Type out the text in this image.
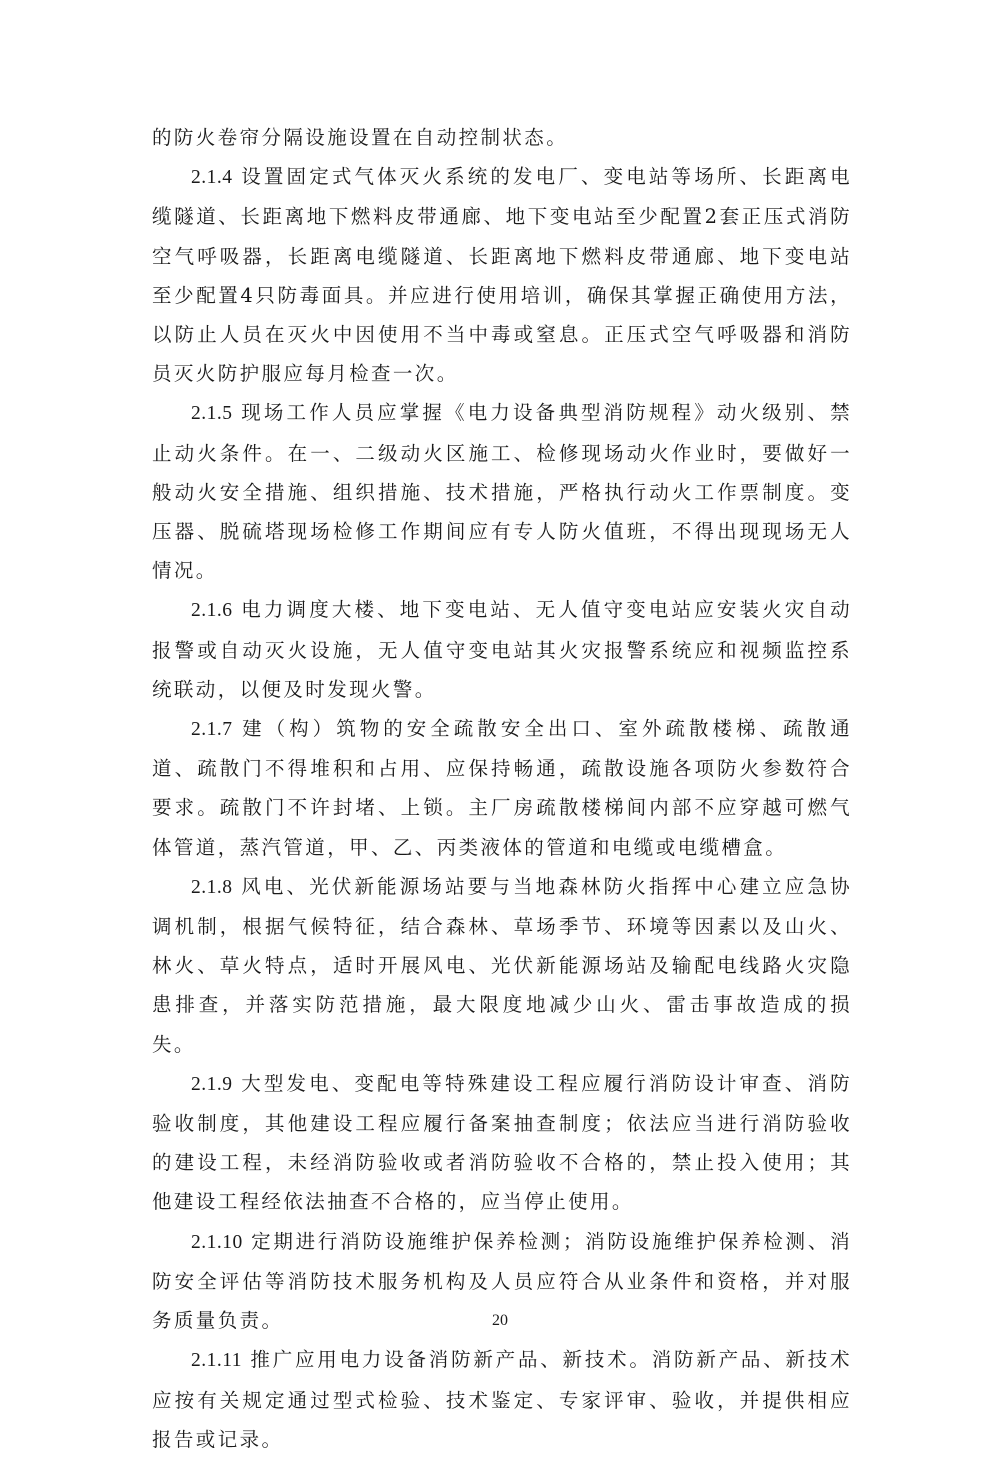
的防火卷帘分隔设施设置在自动控制状态。

2.1.4 设置固定式气体灭火系统的发电厂、变电站等场所、长距离电缆隧道、长距离地下燃料皮带通廊、地下变电站至少配置2套正压式消防空气呼吸器，长距离电缆隧道、长距离地下燃料皮带通廊、地下变电站至少配置4只防毒面具。并应进行使用培训，确保其掌握正确使用方法，以防止人员在灭火中因使用不当中毒或窒息。正压式空气呼吸器和消防员灭火防护服应每月检查一次。

2.1.5 现场工作人员应掌握《电力设备典型消防规程》动火级别、禁止动火条件。在一、二级动火区施工、检修现场动火作业时，要做好一般动火安全措施、组织措施、技术措施，严格执行动火工作票制度。变压器、脱硫塔现场检修工作期间应有专人防火值班，不得出现现场无人情况。

2.1.6 电力调度大楼、地下变电站、无人值守变电站应安装火灾自动报警或自动灭火设施，无人值守变电站其火灾报警系统应和视频监控系统联动，以便及时发现火警。

2.1.7 建（构）筑物的安全疏散安全出口、室外疏散楼梯、疏散通道、疏散门不得堆积和占用、应保持畅通，疏散设施各项防火参数符合要求。疏散门不许封堵、上锁。主厂房疏散楼梯间内部不应穿越可燃气体管道，蒸汽管道，甲、乙、丙类液体的管道和电缆或电缆槽盒。

2.1.8 风电、光伏新能源场站要与当地森林防火指挥中心建立应急协调机制，根据气候特征，结合森林、草场季节、环境等因素以及山火、林火、草火特点，适时开展风电、光伏新能源场站及输配电线路火灾隐患排查，并落实防范措施，最大限度地减少山火、雷击事故造成的损失。

2.1.9 大型发电、变配电等特殊建设工程应履行消防设计审查、消防验收制度，其他建设工程应履行备案抽查制度；依法应当进行消防验收的建设工程，未经消防验收或者消防验收不合格的，禁止投入使用；其他建设工程经依法抽查不合格的，应当停止使用。

2.1.10 定期进行消防设施维护保养检测；消防设施维护保养检测、消防安全评估等消防技术服务机构及人员应符合从业条件和资格，并对服务质量负责。

2.1.11 推广应用电力设备消防新产品、新技术。消防新产品、新技术应按有关规定通过型式检验、技术鉴定、专家评审、验收，并提供相应报告或记录。

20
